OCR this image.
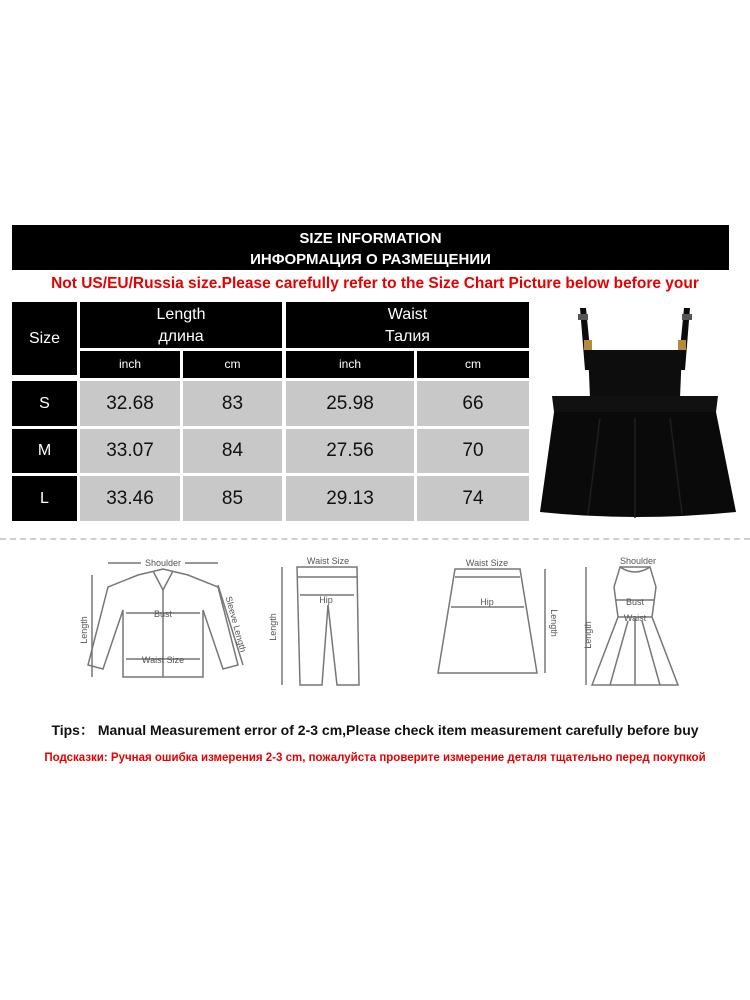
SIZE INFORMATION
ИНФОРМАЦИЯ О РАЗМЕЩЕНИИ
Not US/EU/Russia size.Please carefully refer to the Size Chart Picture below before your
Size
Length
длина
Waist
Талия
inch	cm	inch	cm
S	32.68	83	25.98	66
M	33.07	84	27.56	70
L	33.46	85	29.13	74
Shoulder
Bust
Waist Size
Length	Sleeve Length
Waist Size
Hip
Length
Waist Size
Hip
Length
Shoulder
Bust
Waist
Length
Tips： Manual Measurement error of 2-3 cm,Please check item measurement carefully before buy
Подсказки: Ручная ошибка измерения 2-3 cm, пожалуйста проверите измерение деталя тщательно перед покупкой
